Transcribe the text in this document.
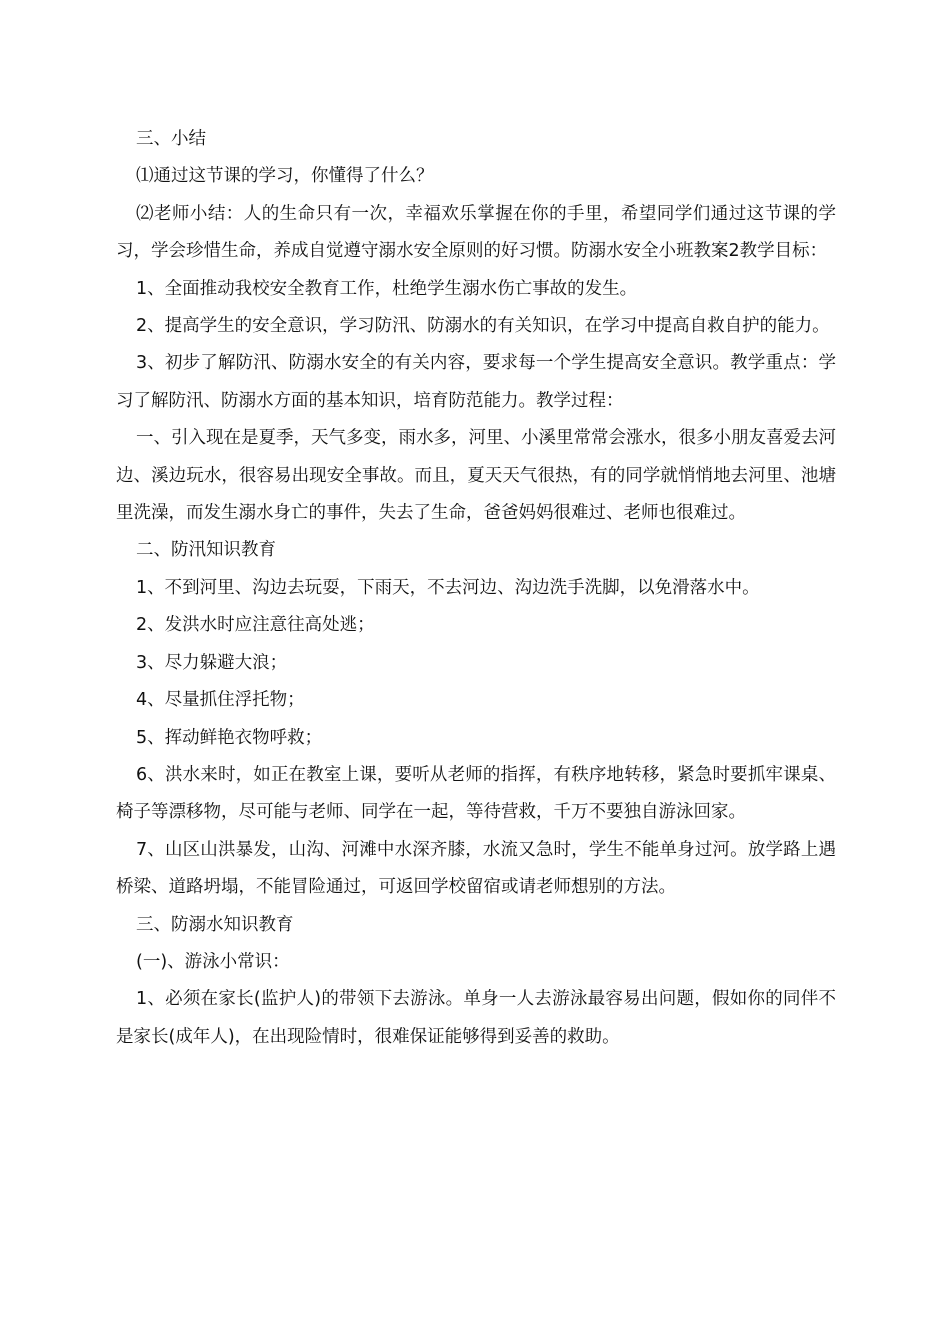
三、小结

⑴通过这节课的学习，你懂得了什么？

⑵老师小结：人的生命只有一次，幸福欢乐掌握在你的手里，希望同学们通过这节课的学习，学会珍惜生命，养成自觉遵守溺水安全原则的好习惯。防溺水安全小班教案2教学目标：

1、全面推动我校安全教育工作，杜绝学生溺水伤亡事故的发生。

2、提高学生的安全意识，学习防汛、防溺水的有关知识，在学习中提高自救自护的能力。

3、初步了解防汛、防溺水安全的有关内容，要求每一个学生提高安全意识。教学重点：学习了解防汛、防溺水方面的基本知识，培育防范能力。教学过程：

一、引入现在是夏季，天气多变，雨水多，河里、小溪里常常会涨水，很多小朋友喜爱去河边、溪边玩水，很容易出现安全事故。而且，夏天天气很热，有的同学就悄悄地去河里、池塘里洗澡，而发生溺水身亡的事件，失去了生命，爸爸妈妈很难过、老师也很难过。

二、防汛知识教育

1、不到河里、沟边去玩耍，下雨天，不去河边、沟边洗手洗脚，以免滑落水中。

2、发洪水时应注意往高处逃；

3、尽力躲避大浪；

4、尽量抓住浮托物；

5、挥动鲜艳衣物呼救；

6、洪水来时，如正在教室上课，要听从老师的指挥，有秩序地转移，紧急时要抓牢课桌、椅子等漂移物，尽可能与老师、同学在一起，等待营救，千万不要独自游泳回家。

7、山区山洪暴发，山沟、河滩中水深齐膝，水流又急时，学生不能单身过河。放学路上遇桥梁、道路坍塌，不能冒险通过，可返回学校留宿或请老师想别的方法。

三、防溺水知识教育

(一)、游泳小常识：

1、必须在家长(监护人)的带领下去游泳。单身一人去游泳最容易出问题，假如你的同伴不是家长(成年人)，在出现险情时，很难保证能够得到妥善的救助。
